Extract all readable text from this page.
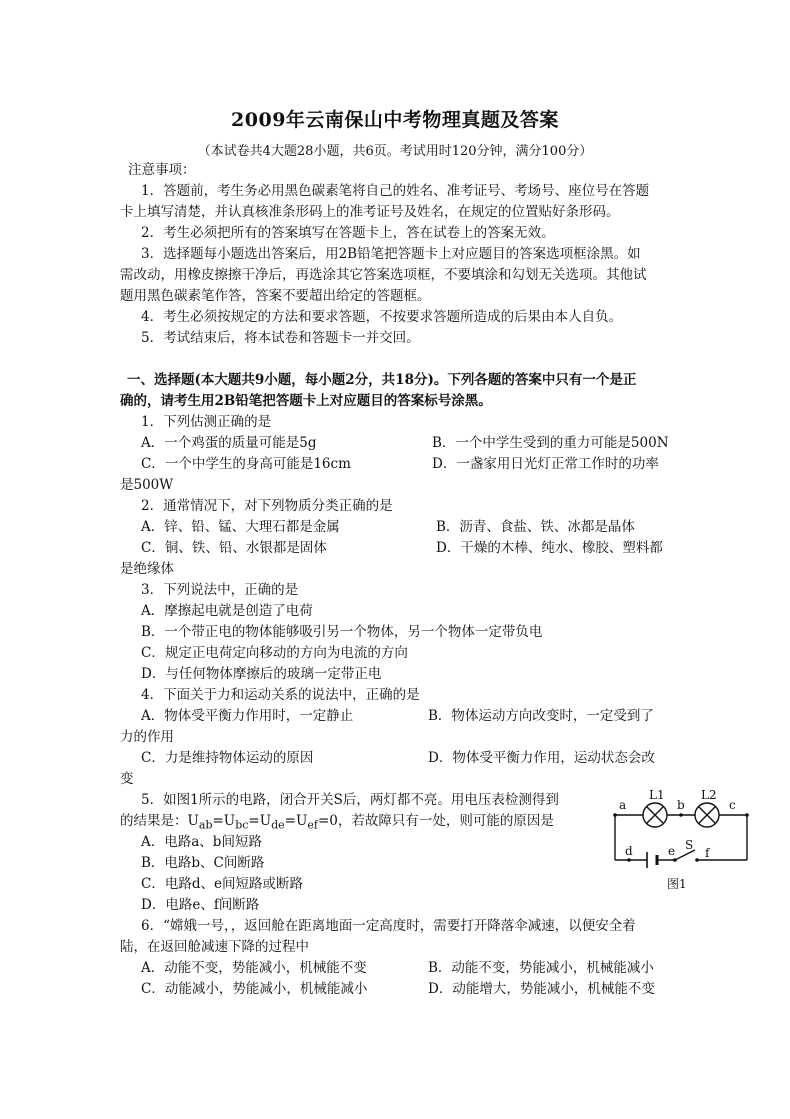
2009年云南保山中考物理真题及答案
（本试卷共4大题28小题，共6页。考试用时120分钟，满分100分）
注意事项：
1．答题前，考生务必用黑色碳素笔将自己的姓名、准考证号、考场号、座位号在答题
卡上填写清楚，并认真核准条形码上的准考证号及姓名，在规定的位置贴好条形码。
2．考生必须把所有的答案填写在答题卡上，答在试卷上的答案无效。
3．选择题每小题选出答案后，用2B铅笔把答题卡上对应题目的答案选项框涂黑。如
需改动，用橡皮擦擦干净后，再选涂其它答案选项框，不要填涂和勾划无关选项。其他试
题用黑色碳素笔作答，答案不要超出给定的答题框。
4．考生必须按规定的方法和要求答题，不按要求答题所造成的后果由本人自负。
5．考试结束后，将本试卷和答题卡一并交回。
一、选择题(本大题共9小题，每小题2分，共18分)。下列各题的答案中只有一个是正
确的，请考生用2B铅笔把答题卡上对应题目的答案标号涂黑。
1．下列估测正确的是
A．一个鸡蛋的质量可能是5g	B．一个中学生受到的重力可能是500N
C．一个中学生的身高可能是16cm	D．一盏家用日光灯正常工作时的功率
是500W
2．通常情况下，对下列物质分类正确的是
A．锌、铅、锰、大理石都是金属	B．沥青、食盐、铁、冰都是晶体
C．铜、铁、铅、水银都是固体	D．干燥的木棒、纯水、橡胶、塑料都
是绝缘体
3．下列说法中，正确的是
A．摩擦起电就是创造了电荷
B．一个带正电的物体能够吸引另一个物体，另一个物体一定带负电
C．规定正电荷定向移动的方向为电流的方向
D．与任何物体摩擦后的玻璃一定带正电
4．下面关于力和运动关系的说法中，正确的是
A．物体受平衡力作用时，一定静止	B．物体运动方向改变时，一定受到了
力的作用
C．力是维持物体运动的原因	D．物体受平衡力作用，运动状态会改
变
5．如图1所示的电路，闭合开关S后，两灯都不亮。用电压表检测得到
的结果是：$U_{ab}=U_{bc}=U_{de}=U_{ef}=0$，若故障只有一处，则可能的原因是
A．电路a、b间短路
B．电路b、C间断路
C．电路d、e间短路或断路
D．电路e、f间断路
a	b	c
d	e f
L1	L2
S
图1
6．“嫦娥一号，，返回舱在距离地面一定高度时，需要打开降落伞减速，以便安全着
陆，在返回舱减速下降的过程中
A．动能不变，势能减小，机械能不变	B．动能不变，势能减小，机械能减小
C．动能减小，势能减小，机械能减小	D．动能增大，势能减小，机械能不变
